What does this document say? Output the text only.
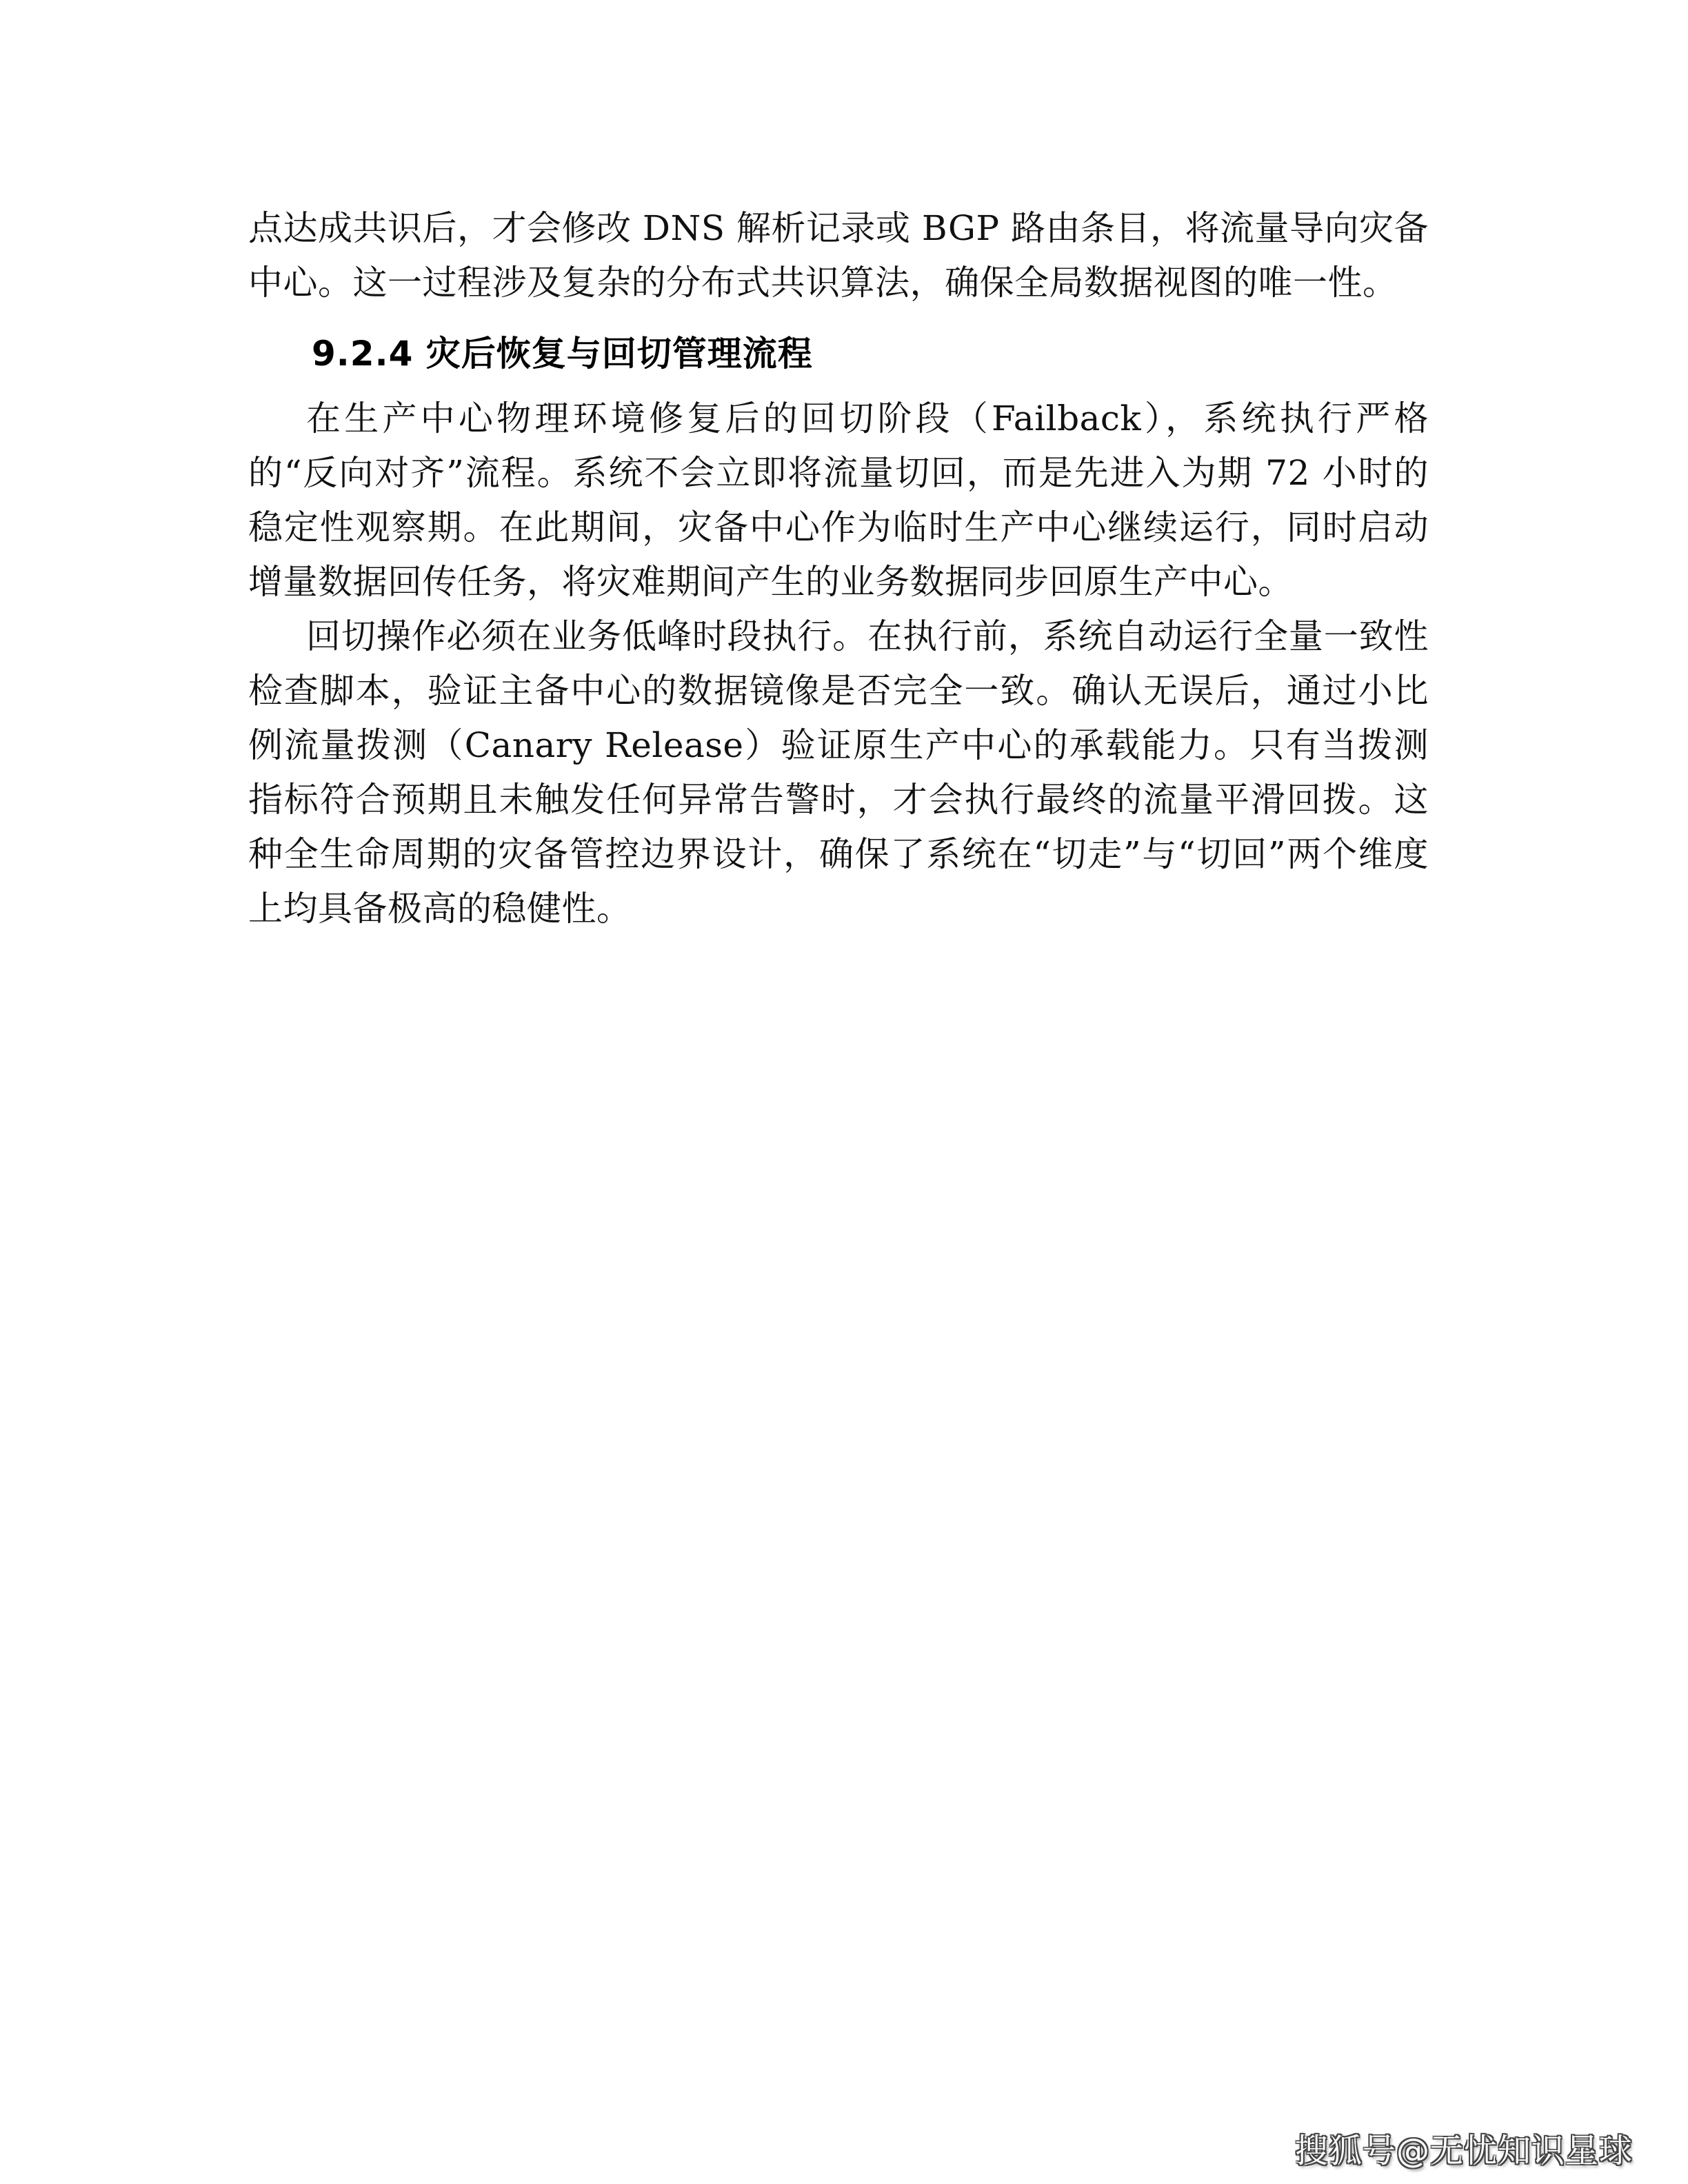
点达成共识后，才会修改 DNS 解析记录或 BGP 路由条目，将流量导向灾备中心。这一过程涉及复杂的分布式共识算法，确保全局数据视图的唯一性。

9.2.4 灾后恢复与回切管理流程

在生产中心物理环境修复后的回切阶段（Failback），系统执行严格的“反向对齐”流程。系统不会立即将流量切回，而是先进入为期 72 小时的稳定性观察期。在此期间，灾备中心作为临时生产中心继续运行，同时启动增量数据回传任务，将灾难期间产生的业务数据同步回原生产中心。

回切操作必须在业务低峰时段执行。在执行前，系统自动运行全量一致性检查脚本，验证主备中心的数据镜像是否完全一致。确认无误后，通过小比例流量拨测（Canary Release）验证原生产中心的承载能力。只有当拨测指标符合预期且未触发任何异常告警时，才会执行最终的流量平滑回拨。这种全生命周期的灾备管控边界设计，确保了系统在“切走”与“切回”两个维度上均具备极高的稳健性。

搜狐号@无忧知识星球
